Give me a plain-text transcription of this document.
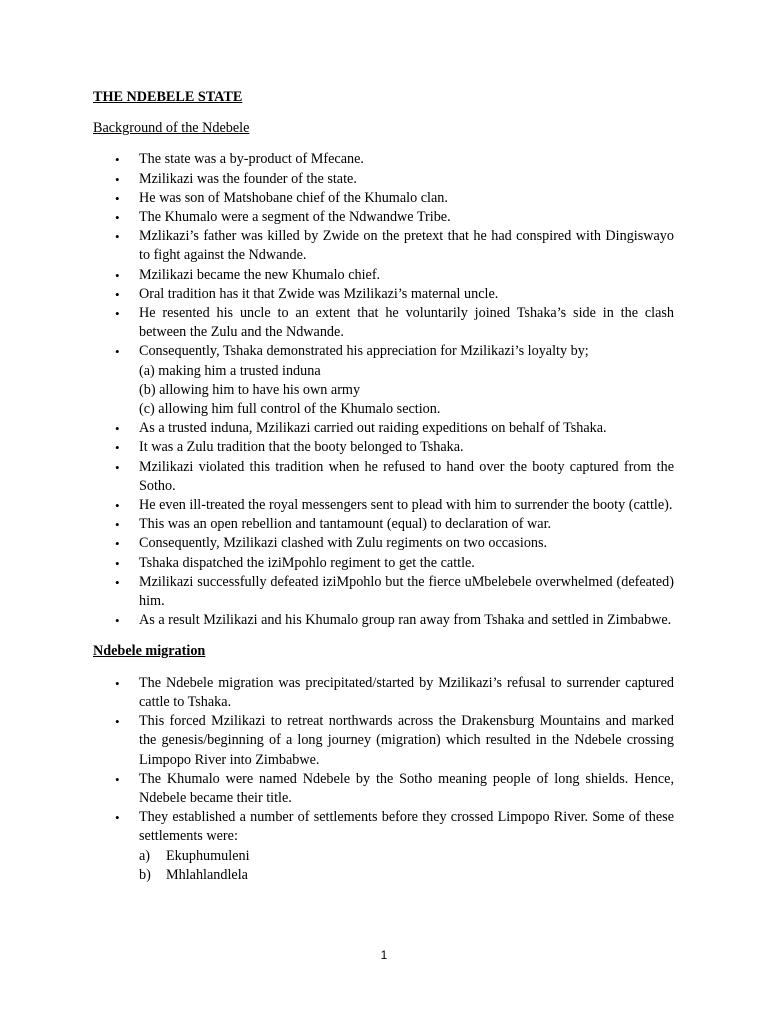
THE NDEBELE STATE
Background of the Ndebele
• The state was a by-product of Mfecane.
• Mzilikazi was the founder of the state.
• He was son of Matshobane chief of the Khumalo clan.
• The Khumalo were a segment of the Ndwandwe Tribe.
• Mzlikazi’s father was killed by Zwide on the pretext that he had conspired with Dingiswayo to fight against the Ndwande.
• Mzilikazi became the new Khumalo chief.
• Oral tradition has it that Zwide was Mzilikazi’s maternal uncle.
• He resented his uncle to an extent that he voluntarily joined Tshaka’s side in the clash between the Zulu and the Ndwande.
• Consequently, Tshaka demonstrated his appreciation for Mzilikazi’s loyalty by;
(a) making him a trusted induna
(b) allowing him to have his own army
(c) allowing him full control of the Khumalo section.
• As a trusted induna, Mzilikazi carried out raiding expeditions on behalf of Tshaka.
• It was a Zulu tradition that the booty belonged to Tshaka.
• Mzilikazi violated this tradition when he refused to hand over the booty captured from the Sotho.
• He even ill-treated the royal messengers sent to plead with him to surrender the booty (cattle).
• This was an open rebellion and tantamount (equal) to declaration of war.
• Consequently, Mzilikazi clashed with Zulu regiments on two occasions.
• Tshaka dispatched the iziMpohlo regiment to get the cattle.
• Mzilikazi successfully defeated iziMpohlo but the fierce uMbelebele overwhelmed (defeated) him.
• As a result Mzilikazi and his Khumalo group ran away from Tshaka and settled in Zimbabwe.
Ndebele migration
• The Ndebele migration was precipitated/started by Mzilikazi’s refusal to surrender captured cattle to Tshaka.
• This forced Mzilikazi to retreat northwards across the Drakensburg Mountains and marked the genesis/beginning of a long journey (migration) which resulted in the Ndebele crossing Limpopo River into Zimbabwe.
• The Khumalo were named Ndebele by the Sotho meaning people of long shields. Hence, Ndebele became their title.
• They established a number of settlements before they crossed Limpopo River. Some of these settlements were:
a) Ekuphumuleni
b) Mhlahlandlela
1
